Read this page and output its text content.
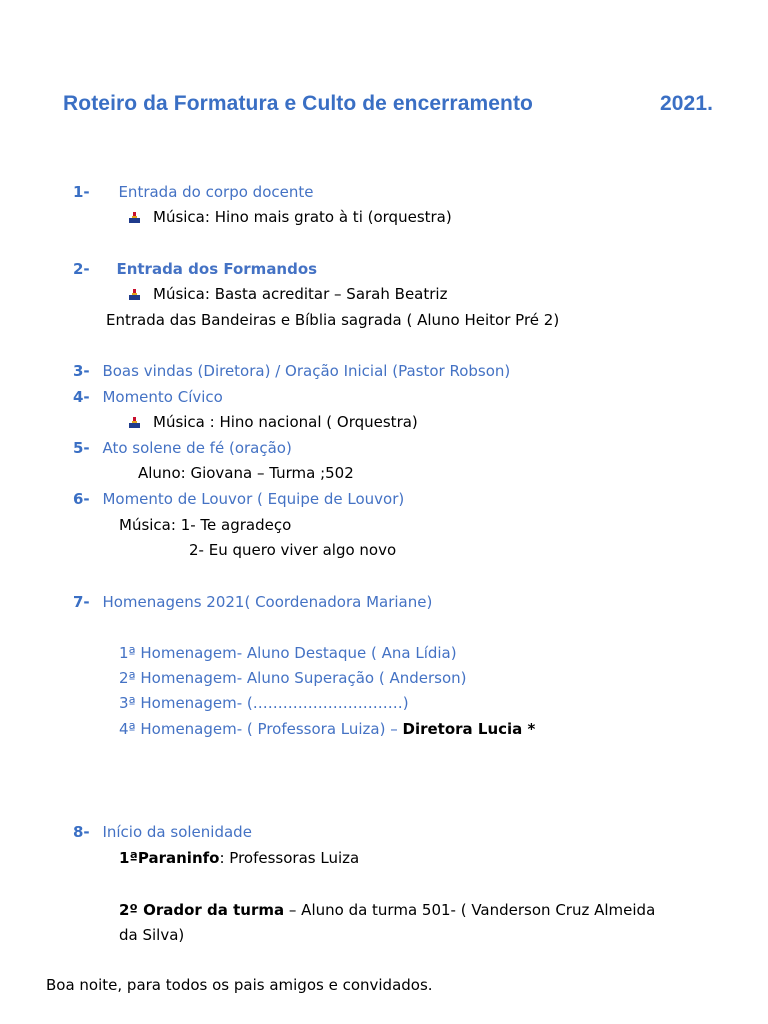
Roteiro da Formatura e Culto de encerramento	2021.
1- Entrada do corpo docente
Música: Hino mais grato à ti (orquestra)
2- Entrada dos Formandos
Música: Basta acreditar – Sarah Beatriz
Entrada das Bandeiras e Bíblia sagrada ( Aluno Heitor Pré 2)
3- Boas vindas (Diretora) / Oração Inicial (Pastor Robson)
4- Momento Cívico
Música : Hino nacional ( Orquestra)
5- Ato solene de fé (oração)
Aluno: Giovana – Turma ;502
6- Momento de Louvor ( Equipe de Louvor)
Música: 1- Te agradeço
2- Eu quero viver algo novo
7- Homenagens 2021( Coordenadora Mariane)
1ª Homenagem- Aluno Destaque ( Ana Lídia)
2ª Homenagem- Aluno Superação ( Anderson)
3ª Homenagem- (…………………………)
4ª Homenagem- ( Professora Luiza) – Diretora Lucia *
8- Início da solenidade
1ªParaninfo: Professoras Luiza
2º Orador da turma – Aluno da turma 501- ( Vanderson Cruz Almeida
da Silva)
Boa noite, para todos os pais amigos e convidados.
